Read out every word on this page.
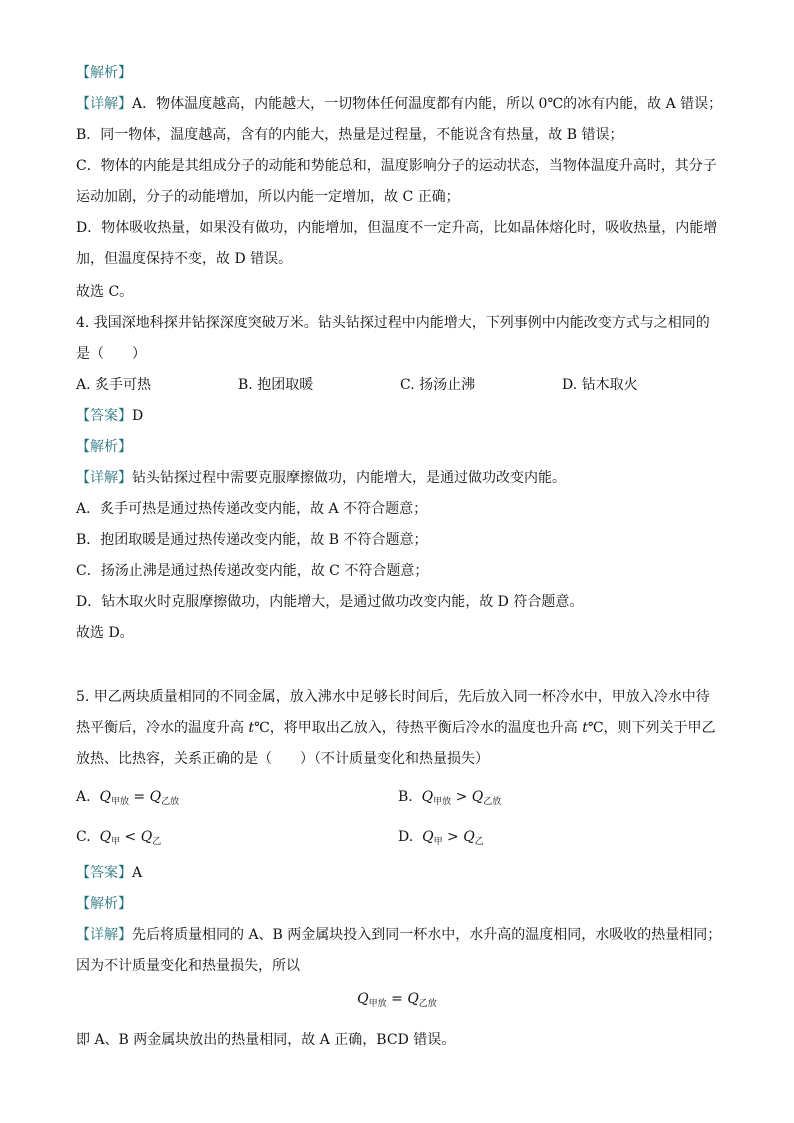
【解析】
【详解】A．物体温度越高，内能越大，一切物体任何温度都有内能，所以 0℃的冰有内能，故 A 错误；
B．同一物体，温度越高，含有的内能大，热量是过程量，不能说含有热量，故 B 错误；
C．物体的内能是其组成分子的动能和势能总和，温度影响分子的运动状态，当物体温度升高时，其分子
运动加剧，分子的动能增加，所以内能一定增加，故 C 正确；
D．物体吸收热量，如果没有做功，内能增加，但温度不一定升高，比如晶体熔化时，吸收热量，内能增
加，但温度保持不变，故 D 错误。
故选 C。
4. 我国深地科探井钻探深度突破万米。钻头钻探过程中内能增大，下列事例中内能改变方式与之相同的
是（　　）
A. 炙手可热	B. 抱团取暖	C. 扬汤止沸	D. 钻木取火
【答案】D
【解析】
【详解】钻头钻探过程中需要克服摩擦做功，内能增大，是通过做功改变内能。
A．炙手可热是通过热传递改变内能，故 A 不符合题意；
B．抱团取暖是通过热传递改变内能，故 B 不符合题意；
C．扬汤止沸是通过热传递改变内能，故 C 不符合题意；
D．钻木取火时克服摩擦做功，内能增大，是通过做功改变内能，故 D 符合题意。
故选 D。
5. 甲乙两块质量相同的不同金属，放入沸水中足够长时间后，先后放入同一杯冷水中，甲放入冷水中待
热平衡后，冷水的温度升高 t℃，将甲取出乙放入，待热平衡后冷水的温度也升高 t℃，则下列关于甲乙
放热、比热容，关系正确的是（　　）（不计质量变化和热量损失）
A. $Q_{甲放} = Q_{乙放}$	B. $Q_{甲放} > Q_{乙放}$
C. $Q_甲 < Q_乙$	D. $Q_甲 > Q_乙$
【答案】A
【解析】
【详解】先后将质量相同的 A、B 两金属块投入到同一杯水中，水升高的温度相同，水吸收的热量相同；
因为不计质量变化和热量损失，所以
$Q_{甲放} = Q_{乙放}$
即 A、B 两金属块放出的热量相同，故 A 正确，BCD 错误。
